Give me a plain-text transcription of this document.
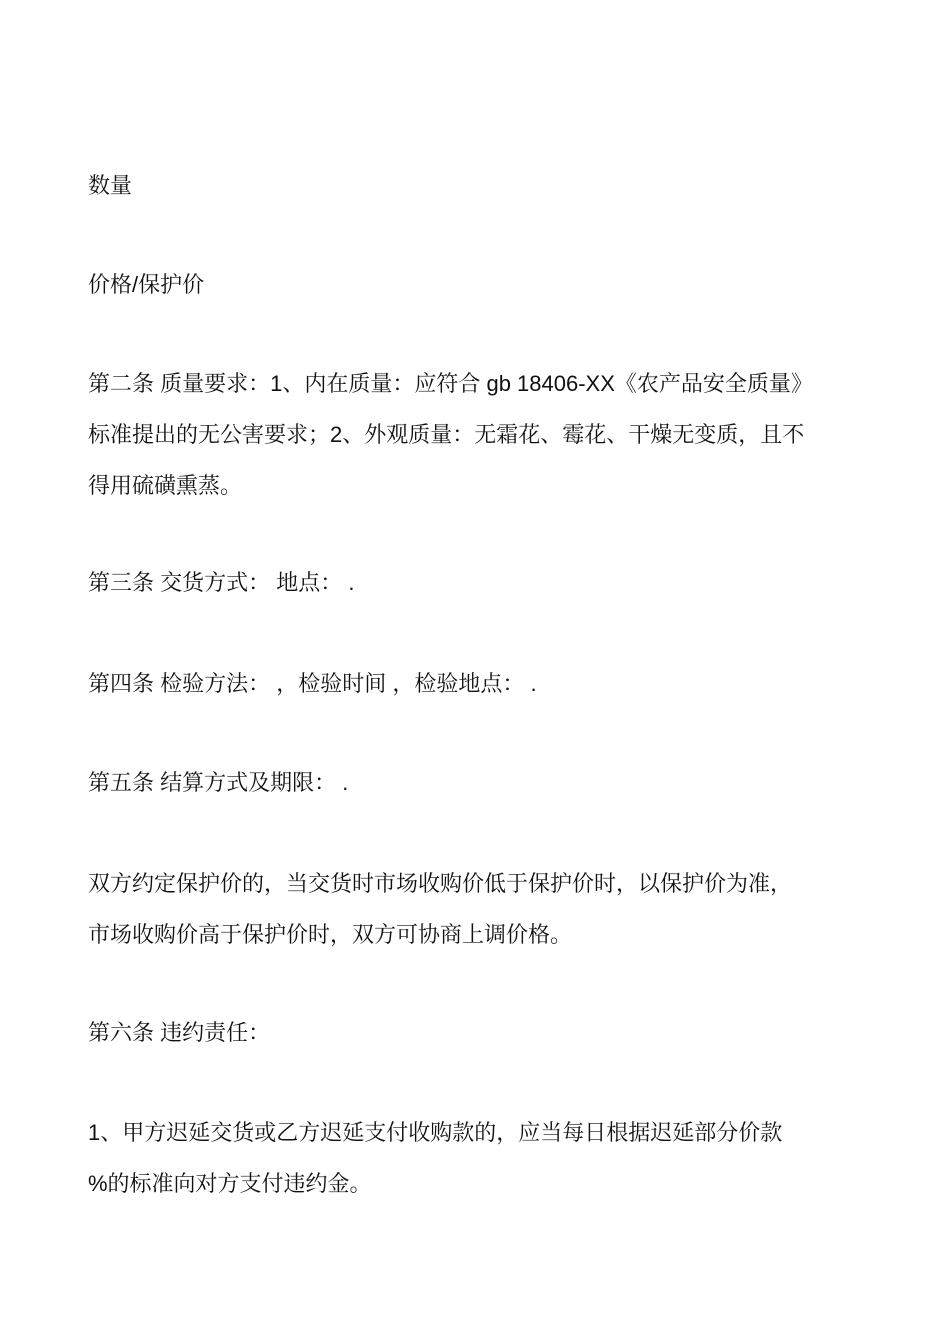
数量

价格/保护价

第二条 质量要求：1、内在质量：应符合 gb 18406-XX《农产品安全质量》
标准提出的无公害要求；2、外观质量：无霜花、霉花、干燥无变质，且不
得用硫磺熏蒸。

第三条 交货方式： 地点： .

第四条 检验方法： ，检验时间 ，检验地点： .

第五条 结算方式及期限： .

双方约定保护价的，当交货时市场收购价低于保护价时，以保护价为准，
市场收购价高于保护价时，双方可协商上调价格。

第六条 违约责任：

1、甲方迟延交货或乙方迟延支付收购款的，应当每日根据迟延部分价款
%的标准向对方支付违约金。
